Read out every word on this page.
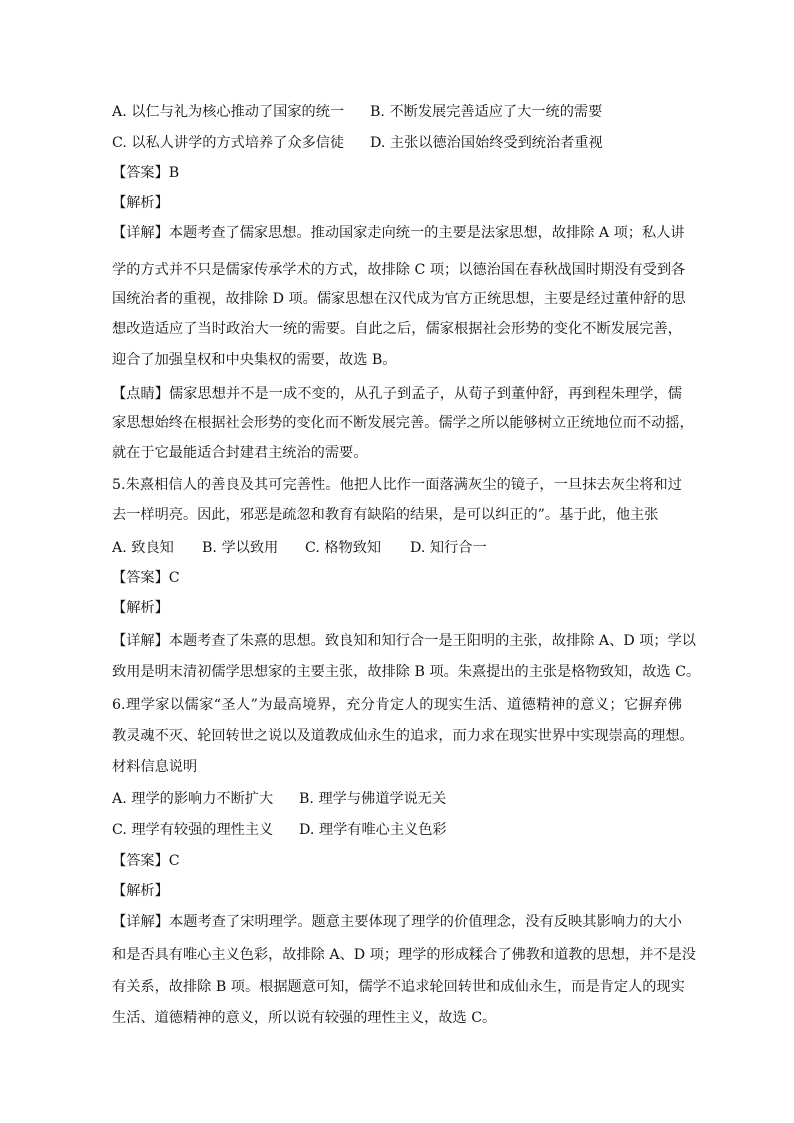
A. 以仁与礼为核心推动了国家的统一 B. 不断发展完善适应了大一统的需要
C. 以私人讲学的方式培养了众多信徒 D. 主张以德治国始终受到统治者重视
【答案】B
【解析】
【详解】本题考查了儒家思想。推动国家走向统一的主要是法家思想，故排除 A 项；私人讲
学的方式并不只是儒家传承学术的方式，故排除 C 项；以德治国在春秋战国时期没有受到各
国统治者的重视，故排除 D 项。儒家思想在汉代成为官方正统思想，主要是经过董仲舒的思
想改造适应了当时政治大一统的需要。自此之后，儒家根据社会形势的变化不断发展完善，
迎合了加强皇权和中央集权的需要，故选 B。
【点睛】儒家思想并不是一成不变的，从孔子到孟子，从荀子到董仲舒，再到程朱理学，儒
家思想始终在根据社会形势的变化而不断发展完善。儒学之所以能够树立正统地位而不动摇，
就在于它最能适合封建君主统治的需要。
5.朱熹相信人的善良及其可完善性。他把人比作一面落满灰尘的镜子，一旦抹去灰尘将和过
去一样明亮。因此，邪恶是疏忽和教育有缺陷的结果，是可以纠正的”。基于此，他主张
A. 致良知 B. 学以致用 C. 格物致知 D. 知行合一
【答案】C
【解析】
【详解】本题考查了朱熹的思想。致良知和知行合一是王阳明的主张，故排除 A、D 项；学以
致用是明末清初儒学思想家的主要主张，故排除 B 项。朱熹提出的主张是格物致知，故选 C。
6.理学家以儒家“圣人”为最高境界，充分肯定人的现实生活、道德精神的意义；它摒弃佛
教灵魂不灭、轮回转世之说以及道教成仙永生的追求，而力求在现实世界中实现崇高的理想。
材料信息说明
A. 理学的影响力不断扩大 B. 理学与佛道学说无关
C. 理学有较强的理性主义 D. 理学有唯心主义色彩
【答案】C
【解析】
【详解】本题考查了宋明理学。题意主要体现了理学的价值理念，没有反映其影响力的大小
和是否具有唯心主义色彩，故排除 A、D 项；理学的形成糅合了佛教和道教的思想，并不是没
有关系，故排除 B 项。根据题意可知，儒学不追求轮回转世和成仙永生，而是肯定人的现实
生活、道德精神的意义，所以说有较强的理性主义，故选 C。
